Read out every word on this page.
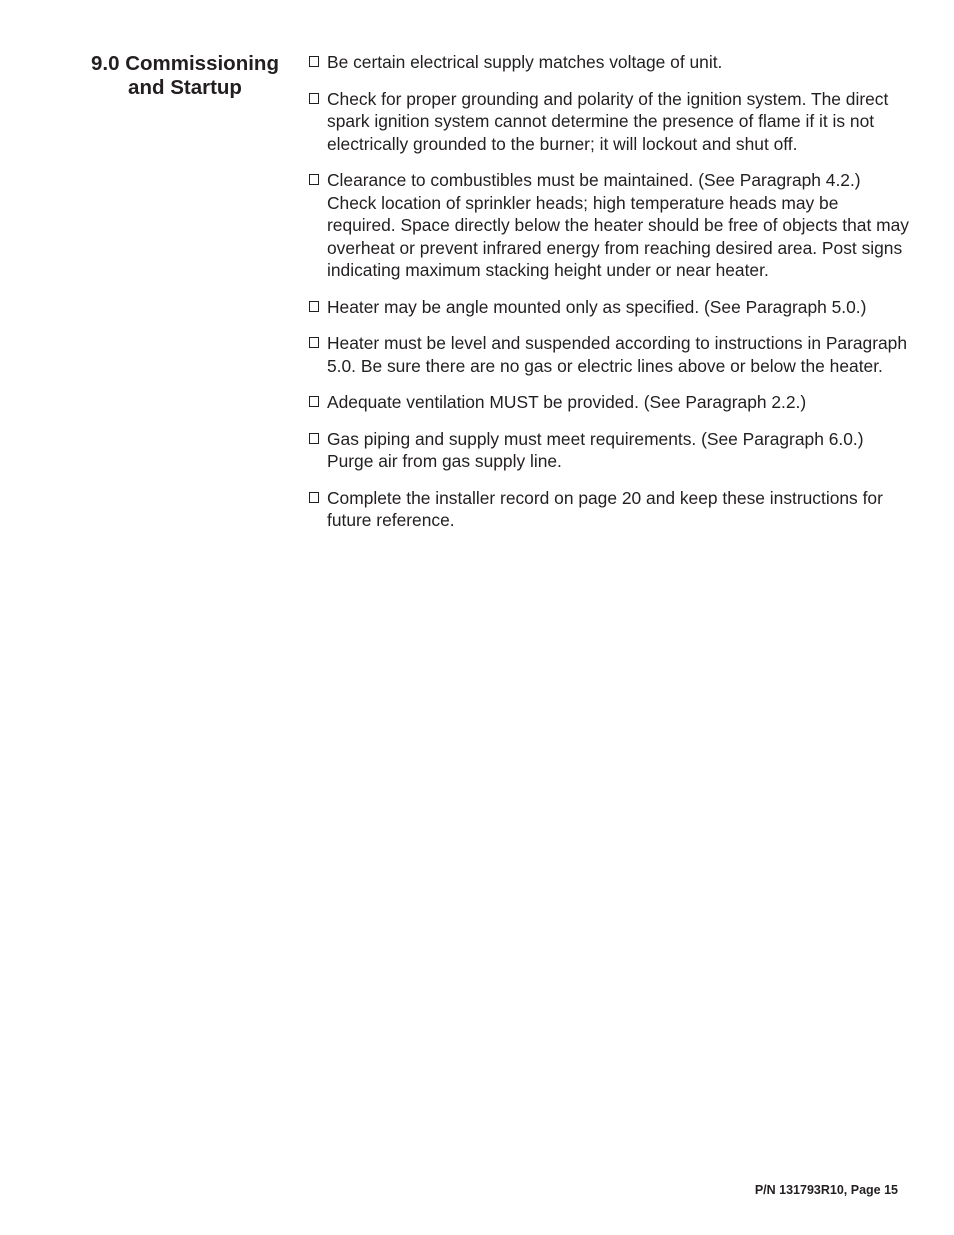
9.0 Commissioning
and Startup
Be certain electrical supply matches voltage of unit.
Check for proper grounding and polarity of the ignition system. The direct spark ignition system cannot determine the presence of flame if it is not electrically grounded to the burner; it will lockout and shut off.
Clearance to combustibles must be maintained. (See Paragraph 4.2.) Check location of sprinkler heads; high temperature heads may be required. Space directly below the heater should be free of objects that may overheat or prevent infrared energy from reaching desired area. Post signs indicating maximum stacking height under or near heater.
Heater may be angle mounted only as specified. (See Paragraph 5.0.)
Heater must be level and suspended according to instructions in Paragraph 5.0. Be sure there are no gas or electric lines above or below the heater.
Adequate ventilation MUST be provided. (See Paragraph 2.2.)
Gas piping and supply must meet requirements. (See Paragraph 6.0.) Purge air from gas supply line.
Complete the installer record on page 20 and keep these instructions for future reference.
P/N 131793R10, Page 15
